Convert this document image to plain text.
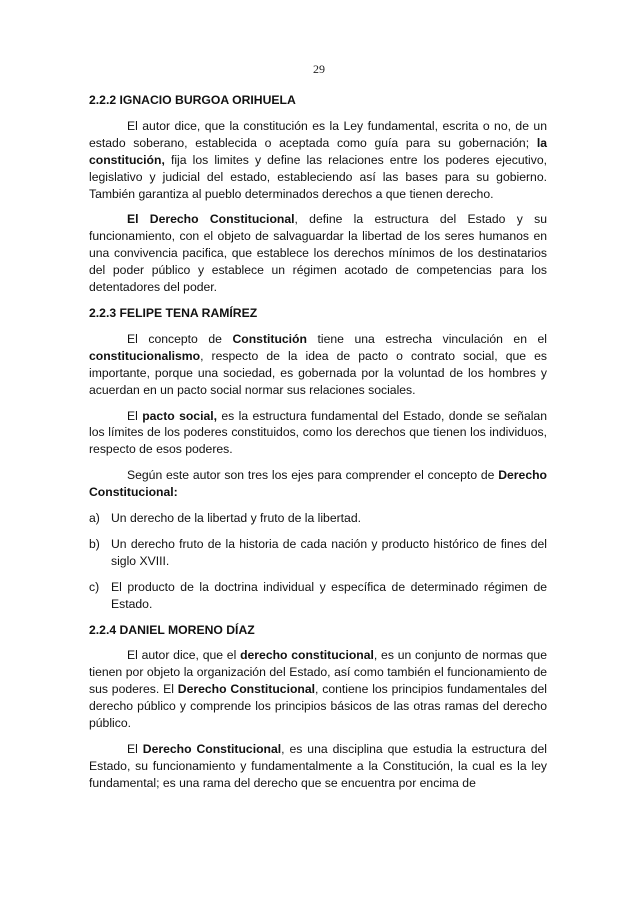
29
2.2.2 IGNACIO BURGOA ORIHUELA

El autor dice, que la constitución es la Ley fundamental, escrita o no, de un estado soberano, establecida o aceptada como guía para su gobernación; la constitución, fija los limites y define las relaciones entre los poderes ejecutivo, legislativo y judicial del estado, estableciendo así las bases para su gobierno. También garantiza al pueblo determinados derechos a que tienen derecho.

El Derecho Constitucional, define la estructura del Estado y su funcionamiento, con el objeto de salvaguardar la libertad de los seres humanos en una convivencia pacifica, que establece los derechos mínimos de los destinatarios del poder público y establece un régimen acotado de competencias para los detentadores del poder.

2.2.3 FELIPE TENA RAMÍREZ

El concepto de Constitución tiene una estrecha vinculación en el constitucionalismo, respecto de la idea de pacto o contrato social, que es importante, porque una sociedad, es gobernada por la voluntad de los hombres y acuerdan en un pacto social normar sus relaciones sociales.

El pacto social, es la estructura fundamental del Estado, donde se señalan los límites de los poderes constituidos, como los derechos que tienen los individuos, respecto de esos poderes.

Según este autor son tres los ejes para comprender el concepto de Derecho Constitucional:

a) Un derecho de la libertad y fruto de la libertad.
b) Un derecho fruto de la historia de cada nación y producto histórico de fines del siglo XVIII.
c) El producto de la doctrina individual y específica de determinado régimen de Estado.
2.2.4 DANIEL MORENO DÍAZ

El autor dice, que el derecho constitucional, es un conjunto de normas que tienen por objeto la organización del Estado, así como también el funcionamiento de sus poderes. El Derecho Constitucional, contiene los principios fundamentales del derecho público y comprende los principios básicos de las otras ramas del derecho público.

El Derecho Constitucional, es una disciplina que estudia la estructura del Estado, su funcionamiento y fundamentalmente a la Constitución, la cual es la ley fundamental; es una rama del derecho que se encuentra por encima de
